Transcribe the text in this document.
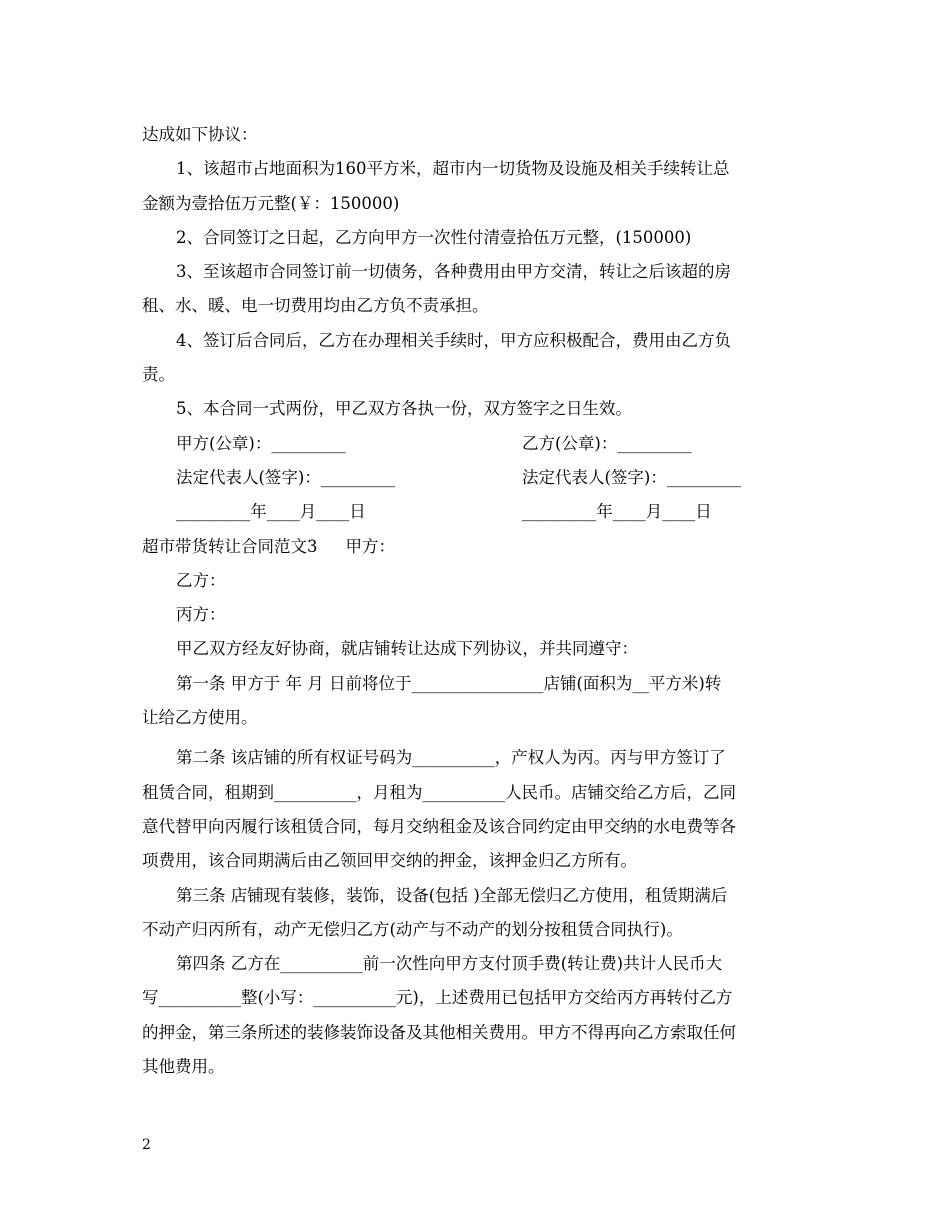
达成如下协议：
1、该超市占地面积为160平方米，超市内一切货物及设施及相关手续转让总
金额为壹拾伍万元整(￥：150000)
2、合同签订之日起，乙方向甲方一次性付清壹拾伍万元整，(150000)
3、至该超市合同签订前一切债务，各种费用由甲方交清，转让之后该超的房
租、水、暖、电一切费用均由乙方负不责承担。
4、签订后合同后，乙方在办理相关手续时，甲方应积极配合，费用由乙方负
责。
5、本合同一式两份，甲乙双方各执一份，双方签字之日生效。
甲方(公章)：_________	乙方(公章)：_________
法定代表人(签字)：_________	法定代表人(签字)：_________
_________年____月____日	_________年____月____日
超市带货转让合同范文3 甲方：
乙方：
丙方：
甲乙双方经友好协商，就店铺转让达成下列协议，并共同遵守：
第一条 甲方于 年 月 日前将位于________________店铺(面积为__平方米)转
让给乙方使用。
第二条 该店铺的所有权证号码为__________，产权人为丙。丙与甲方签订了
租赁合同，租期到__________，月租为__________人民币。店铺交给乙方后，乙同
意代替甲向丙履行该租赁合同，每月交纳租金及该合同约定由甲交纳的水电费等各
项费用，该合同期满后由乙领回甲交纳的押金，该押金归乙方所有。
第三条 店铺现有装修，装饰，设备(包括 )全部无偿归乙方使用，租赁期满后
不动产归丙所有，动产无偿归乙方(动产与不动产的划分按租赁合同执行)。
第四条 乙方在__________前一次性向甲方支付顶手费(转让费)共计人民币大
写__________整(小写：__________元)，上述费用已包括甲方交给丙方再转付乙方
的押金，第三条所述的装修装饰设备及其他相关费用。甲方不得再向乙方索取任何
其他费用。
2
